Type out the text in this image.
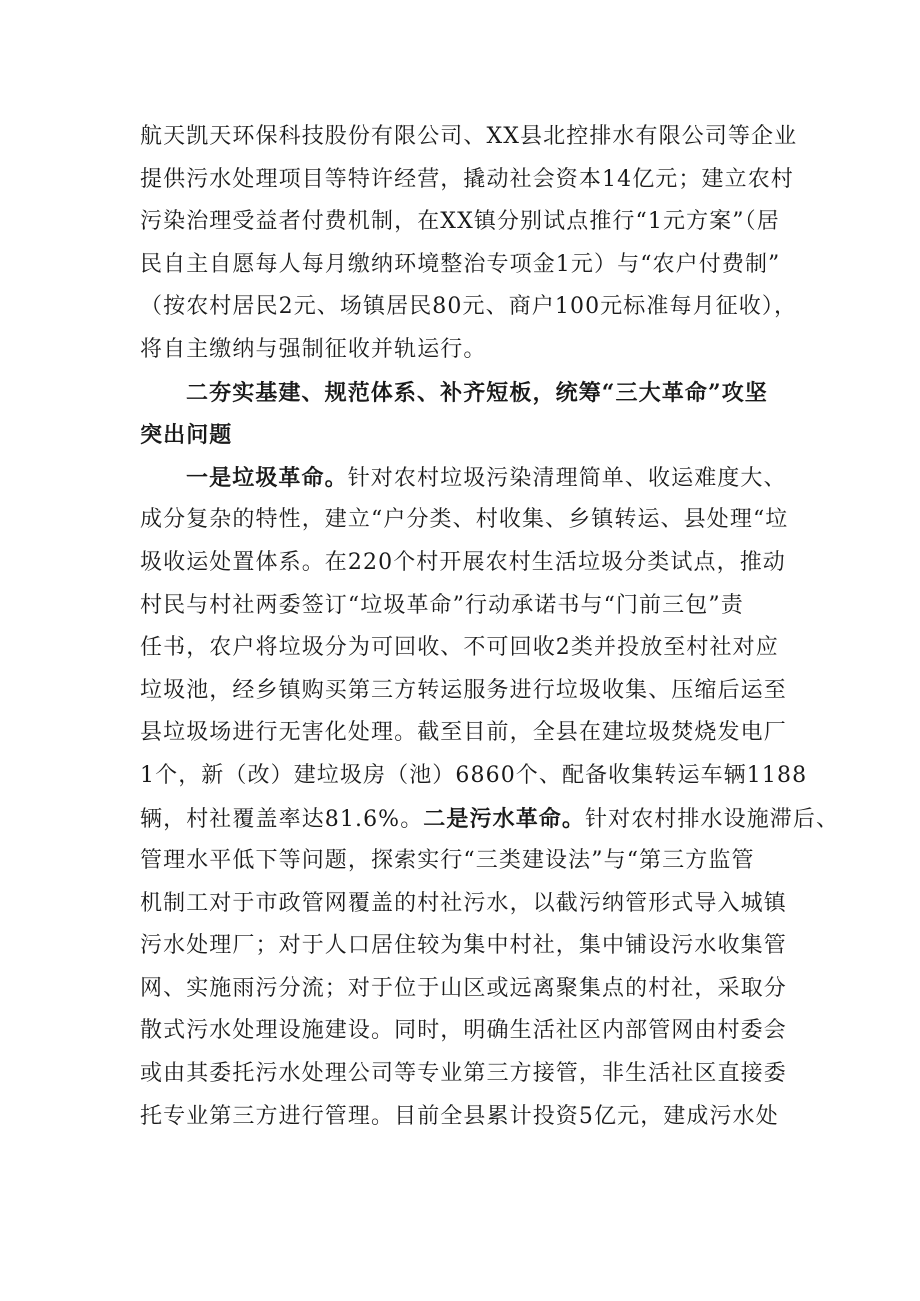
航天凯天环保科技股份有限公司、XX县北控排水有限公司等企业
提供污水处理项目等特许经营，撬动社会资本14亿元；建立农村
污染治理受益者付费机制，在XX镇分别试点推行“1元方案”（居
民自主自愿每人每月缴纳环境整治专项金1元）与“农户付费制”
（按农村居民2元、场镇居民80元、商户100元标准每月征收），
将自主缴纳与强制征收并轨运行。
二夯实基建、规范体系、补齐短板，统筹“三大革命”攻坚
突出问题
一是垃圾革命。针对农村垃圾污染清理简单、收运难度大、
成分复杂的特性，建立“户分类、村收集、乡镇转运、县处理“垃
圾收运处置体系。在220个村开展农村生活垃圾分类试点，推动
村民与村社两委签订“垃圾革命”行动承诺书与“门前三包”责
任书，农户将垃圾分为可回收、不可回收2类并投放至村社对应
垃圾池，经乡镇购买第三方转运服务进行垃圾收集、压缩后运至
县垃圾场进行无害化处理。截至目前，全县在建垃圾焚烧发电厂
1个，新（改）建垃圾房（池）6860个、配备收集转运车辆1188
辆，村社覆盖率达81.6%。二是污水革命。针对农村排水设施滞后、
管理水平低下等问题，探索实行“三类建设法”与“第三方监管
机制工对于市政管网覆盖的村社污水，以截污纳管形式导入城镇
污水处理厂；对于人口居住较为集中村社，集中铺设污水收集管
网、实施雨污分流；对于位于山区或远离聚集点的村社，采取分
散式污水处理设施建设。同时，明确生活社区内部管网由村委会
或由其委托污水处理公司等专业第三方接管，非生活社区直接委
托专业第三方进行管理。目前全县累计投资5亿元，建成污水处
